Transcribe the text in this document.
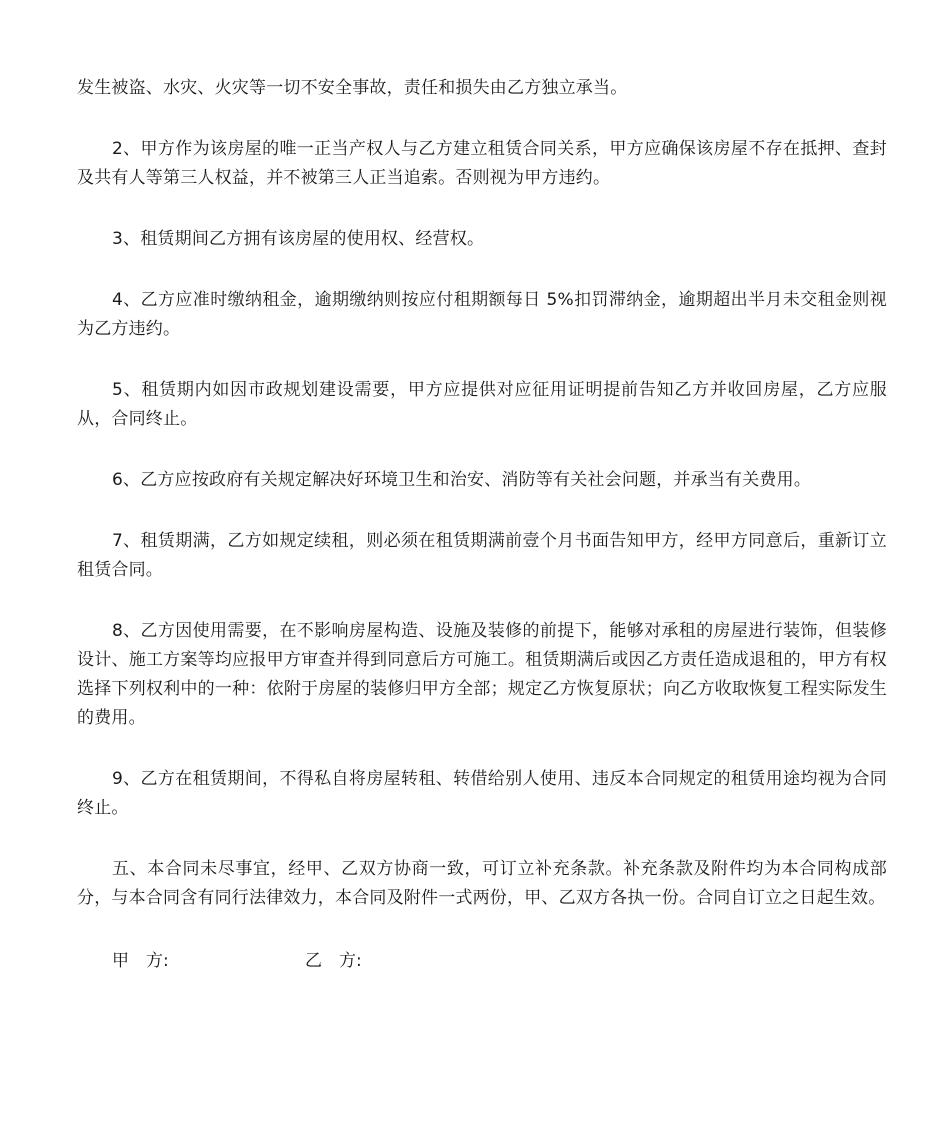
发生被盗、水灾、火灾等一切不安全事故，责任和损失由乙方独立承当。

2、甲方作为该房屋的唯一正当产权人与乙方建立租赁合同关系，甲方应确保该房屋不存在抵押、查封及共有人等第三人权益，并不被第三人正当追索。否则视为甲方违约。

3、租赁期间乙方拥有该房屋的使用权、经营权。

4、乙方应准时缴纳租金，逾期缴纳则按应付租期额每日 5%扣罚滞纳金，逾期超出半月未交租金则视为乙方违约。

5、租赁期内如因市政规划建设需要，甲方应提供对应征用证明提前告知乙方并收回房屋，乙方应服从，合同终止。

6、乙方应按政府有关规定解决好环境卫生和治安、消防等有关社会问题，并承当有关费用。

7、租赁期满，乙方如规定续租，则必须在租赁期满前壹个月书面告知甲方，经甲方同意后，重新订立租赁合同。

8、乙方因使用需要，在不影响房屋构造、设施及装修的前提下，能够对承租的房屋进行装饰，但装修设计、施工方案等均应报甲方审查并得到同意后方可施工。租赁期满后或因乙方责任造成退租的，甲方有权选择下列权利中的一种：依附于房屋的装修归甲方全部；规定乙方恢复原状；向乙方收取恢复工程实际发生的费用。

9、乙方在租赁期间，不得私自将房屋转租、转借给别人使用、违反本合同规定的租赁用途均视为合同终止。

五、本合同未尽事宜，经甲、乙双方协商一致，可订立补充条款。补充条款及附件均为本合同构成部分，与本合同含有同行法律效力，本合同及附件一式两份，甲、乙双方各执一份。合同自订立之日起生效。

甲　方:	乙　方:
